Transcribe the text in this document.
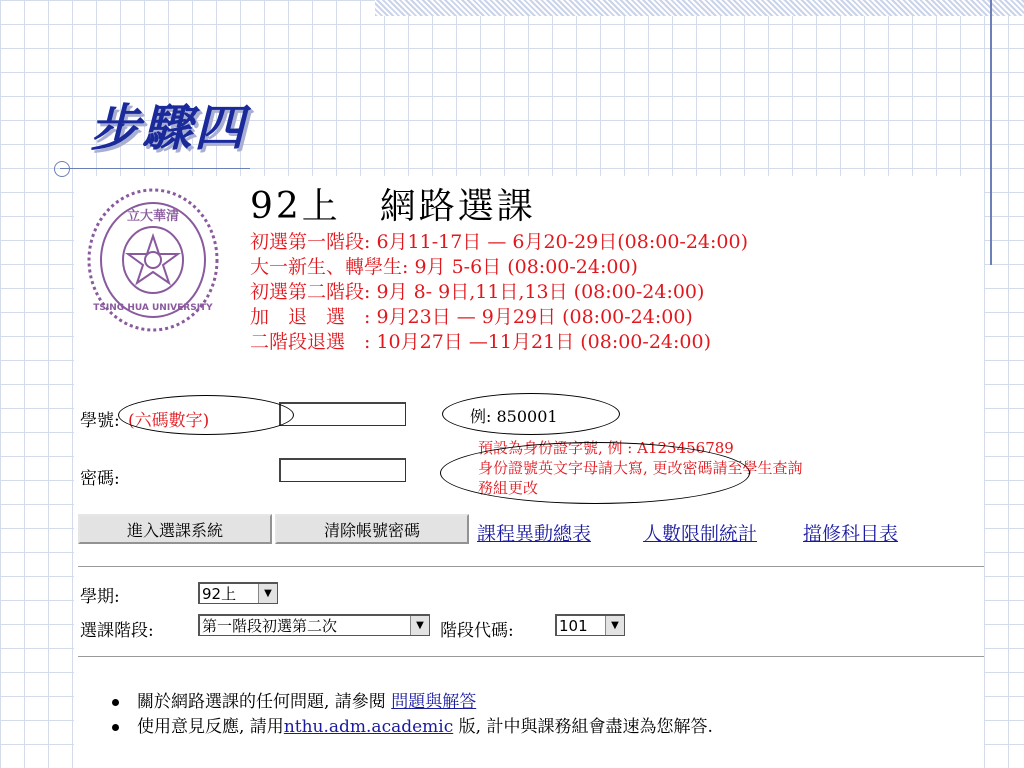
步驟四
立大華清
TSING HUA UNIVERSITY
92上　網路選課
初選第一階段: 6月11-17日 — 6月20-29日(08:00-24:00)
大一新生、轉學生: 9月 5-6日 (08:00-24:00)
初選第二階段: 9月 8- 9日,11日,13日 (08:00-24:00)
加　退　選　: 9月23日 — 9月29日 (08:00-24:00)
二階段退選　: 10月27日 —11月21日 (08:00-24:00)
學號: (六碼數字)	例: 850001
密碼:
預設為身份證字號, 例 : A123456789
身份證號英文字母請大寫, 更改密碼請至學生查詢
務組更改
進入選課系統	清除帳號密碼	課程異動總表	人數限制統計 擋修科目表
學期:	92上	▼
選課階段:	第一階段初選第二次	▼ 階段代碼:	101	▼
關於網路選課的任何問題, 請參閱 問題與解答
使用意見反應, 請用 nthu.adm.academic 版, 計中與課務組會盡速為您解答.
